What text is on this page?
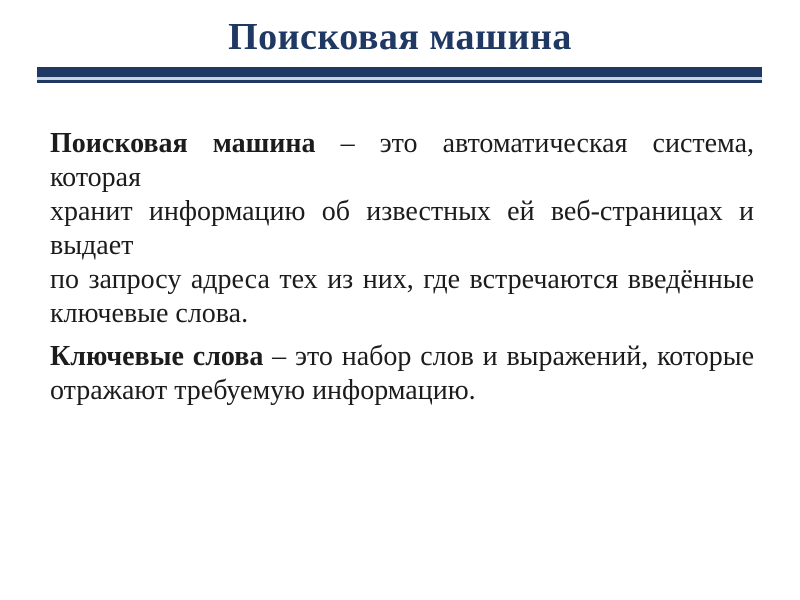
Поисковая машина

Поисковая машина – это автоматическая система, которая
хранит информацию об известных ей веб-страницах и выдает
по запросу адреса тех из них, где встречаются введённые
ключевые слова.

Ключевые слова – это набор слов и выражений, которые
отражают требуемую информацию.
